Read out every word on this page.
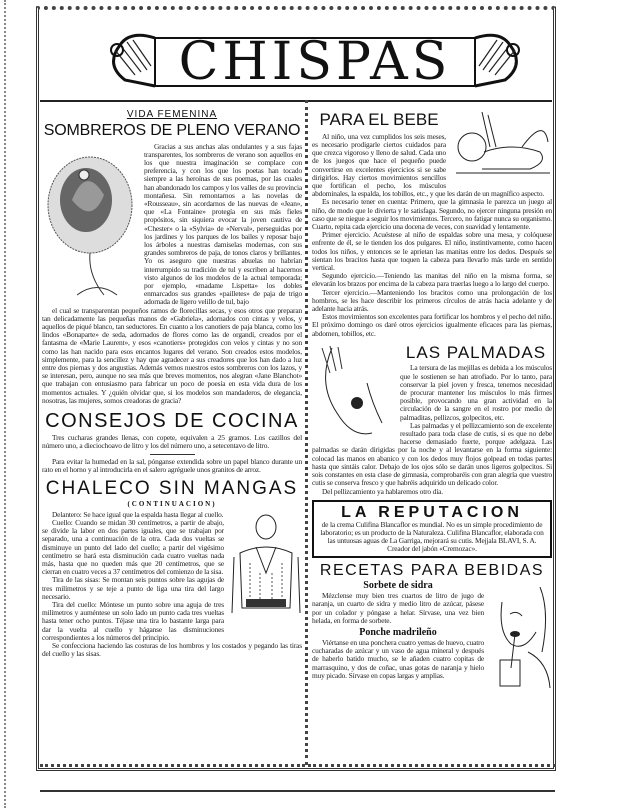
CHISPAS
VIDA FEMENINA
SOMBREROS DE PLENO VERANO

Gracias a sus anchas alas ondulantes y a sus fajas transparentes, los sombreros de verano son aquellos en los que nuestra imaginación se complace con preferencia, y con los que los poetas han tocado siempre a las heroínas de sus poemas, por las cuales han abandonado los campos y los valles de su provincia montañesa. Sin remontarnos a las novelas de «Rousseau», sin acordarnos de las nuevas de «Jean», que «La Fontaine» protegía en sus más fieles propósitos, sin siquiera evocar la joven cautiva de «Chester» o la «Sylvia» de «Nerval», perseguidas por los jardines y los parques de los bailes y reposar bajo los árboles a nuestras damiselas modernas, con sus grandes sombreros de paja, de tonos claros y brillantes. Yo os aseguro que nuestras abuelas no habrían interrumpido su tradición de tul y escriben al hacernos visto algunos de los modelos de la actual temporada; por ejemplo, «madame Lispetta» los dobles enmarcados sus grandes «pailletes» de paja de trigo adornada de ligero velillo de tul, bajo

el cual se transparentan pequeños ramos de florecillas secas, y esos otros que preparan tan delicadamente las pequeñas manos de «Gabriela», adornados con cintas y velos, y aquellos de piqué blanco, tan seductores. En cuanto a los canotiers de paja blanca, como los lindos «Bonaparte» de seda, adornados de flores como las de organdí, creados por el fantasma de «Marie Laurent», y esos «canotiers» protegidos con velos y cintas y no son como las han nacido para esos encantos lugares del verano. Son creados estos modelos, simplemente, para la sencillez y hay que agradecer a sus creadores que los han dado a luz entre dos piernas y dos angustias. Además vemos nuestros estos sombreros con los lazos, y se interesan, pero, aunque no sea más que breves momentos, nos alegran «Jane Blanchot» que trabajan con entusiasmo para fabricar un poco de poesía en esta vida dura de los momentos actuales. Y ¿quién olvidar que, si los modelos son mandaderos, de elegancia, nosotras, las mujeres, somos creadoras de gracia?

CONSEJOS DE COCINA

Tres cucharas grandes llenas, con copete, equivalen a 25 gramos. Los cazillos del número uno, a dieciochoavo de litro y los del número uno, a setecentavo de litro.

Para evitar la humedad en la sal, pónganse extendida sobre un papel blanco durante un rato en el horno y al introducirla en el salero agréguele unos granitos de arroz.

CHALECO SIN MANGAS
(CONTINUACION)

Delantero: Se hace igual que la espalda hasta llegar al cuello.

Cuello: Cuando se midan 30 centímetros, a partir de abajo, se divide la labor en dos partes iguales, que se trabajan por separado, una a continuación de la otra. Cada dos vueltas se disminuye un punto del lado del cuello; a partir del vigésimo centímetro se hará esta disminución cada cuatro vueltas nada más, hasta que no queden más que 20 centímetros, que se cierran en cuatro veces a 37 centímetros del comienzo de la sisa.

Tira de las sisas: Se montan seis puntos sobre las agujas de tres milímetros y se teje a punto de liga una tira del largo necesario.

Tira del cuello: Móntese un punto sobre una aguja de tres milímetros y auméntese un solo lado un punto cada tres vueltas hasta tener ocho puntos. Téjase una tira lo bastante larga para dar la vuelta al cuello y háganse las disminuciones correspondientes a los números del principio.

Se confecciona haciendo las costuras de los hombros y los costados y pegando las tiras del cuello y las sisas.

PARA EL BEBE

Al niño, una vez cumplidos los seis meses, es necesario prodigarle ciertos cuidados para que crezca vigoroso y lleno de salud. Cada uno de los juegos que hace el pequeño puede convertirse en excelentes ejercicios si se sabe dirigirlos. Hay ciertos movimientos sencillos que fortifican el pecho, los músculos abdominales, la espalda, los tobillos, etc., y que les darán de un magnífico aspecto.

Es necesario tener en cuenta: Primero, que la gimnasia le parezca un juego al niño, de modo que le divierta y le satisfaga. Segundo, no ejercer ninguna presión en caso que se niegue a seguir los movimientos. Tercero, no fatigar nunca su organismo. Cuarto, repita cada ejercicio una docena de veces, con suavidad y lentamente.

Primer ejercicio. Acuéstese al niño de espaldas sobre una mesa, y colóquese enfrente de él, se le tienden los dos pulgares. El niño, instintivamente, como hacen todos los niños, y entonces se le aprietan las manitas entre los dedos. Después se sientan los bracitos hasta que toquen la cabeza para llevarlo más tarde en sentido vertical.

Segundo ejercicio.—Teniendo las manitas del niño en la misma forma, se elevarán los brazos por encima de la cabeza para traerlas luego a lo largo del cuerpo.

Tercer ejercicio.—Manteniendo los bracitos como una prolongación de los hombros, se les hace describir los primeros círculos de atrás hacia adelante y de adelante hacia atrás.

Estos movimientos son excelentes para fortificar los hombros y el pecho del niño. El próximo domingo os daré otros ejercicios igualmente eficaces para las piernas, abdomen, tobillos, etc.

LAS PALMADAS

La tersura de las mejillas es debida a los músculos que le sostienen se han atrofiado. Por lo tanto, para conservar la piel joven y fresca, tenemos necesidad de procurar mantener los músculos lo más firmes posible, provocando una gran actividad en la circulación de la sangre en el rostro por medio de palmaditas, pellizcos, golpecitos, etc.

Las palmadas y el pellizcamiento son de excelente resultado para toda clase de cutis, si es que no debe hacerse demasiado fuerte, porque adelgaza. Las palmadas se darán dirigidas por la noche y al levantarse en la forma siguiente: colocad las manos en abanico y con los dedos muy flojos golpead en todas partes hasta que sintáis calor. Debajo de los ojos sólo se darán unos ligeros golpecitos. Si sois constantes en esta clase de gimnasia, comprobaréis con gran alegría que vuestro cutis se conserva fresco y que habréis adquirido un delicado color.

Del pellizcamiento ya hablaremos otro día.

LA REPUTACION
de la crema Culifina Blancaflor es mundial. No es un simple procedimiento de laboratorio; es un producto de la Naturaleza. Culifina Blancaflor, elaborada con las untuosas aguas de La Garriga, mejorará su cutis. Mejjala BLAVI, S. A. Creador del jabón «Cremozac».
RECETAS PARA BEBIDAS
Sorbete de sidra

Mézclense muy bien tres cuartos de litro de jugo de naranja, un cuarto de sidra y medio litro de azúcar, pásese por un colador y póngase a helar. Sírvase, una vez bien helada, en forma de sorbete.

Ponche madrileño

Viértanse en una ponchera cuatro yemas de huevo, cuatro cucharadas de azúcar y un vaso de agua mineral y después de haberlo batido mucho, se le añaden cuatro copitas de marrasquino, y dos de coñac, unas gotas de naranja y hielo muy picado. Sírvase en copas largas y amplias.
